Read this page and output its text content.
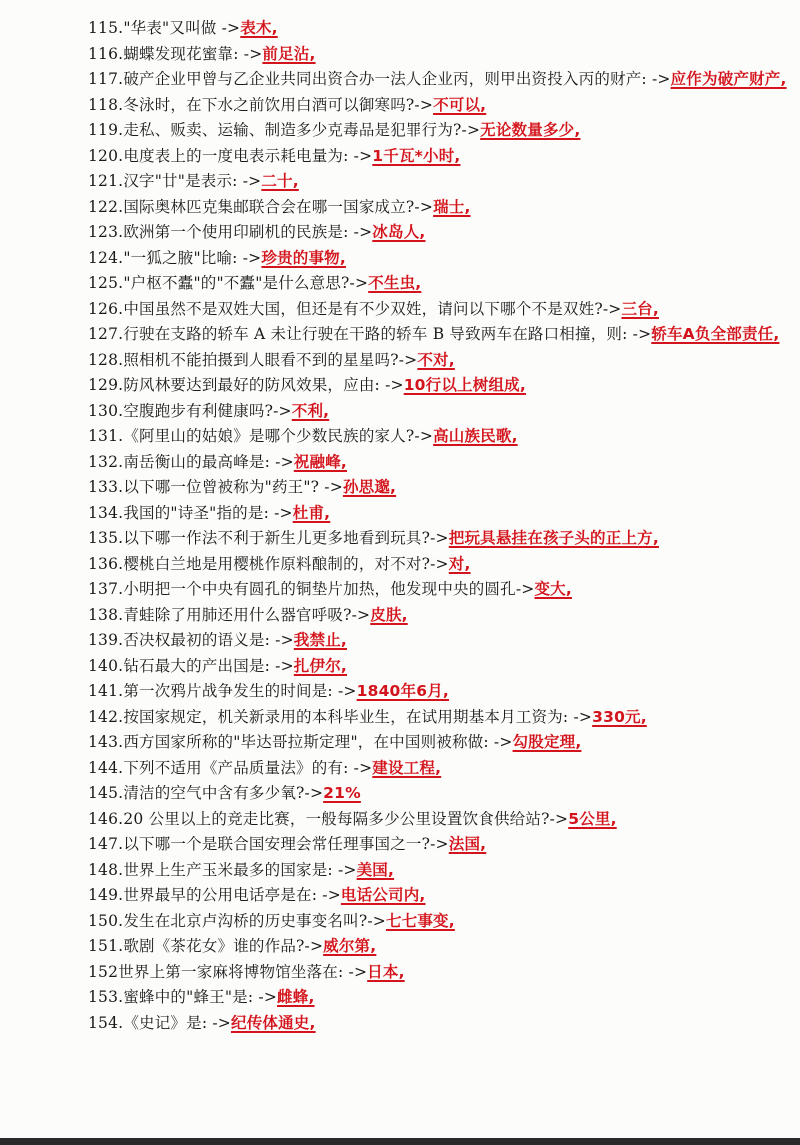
115."华表"又叫做 ->表木,
116.蝴蝶发现花蜜靠: ->前足沾,
117.破产企业甲曾与乙企业共同出资合办一法人企业丙，则甲出资投入丙的财产: ->应作为破产财产,
118.冬泳时，在下水之前饮用白酒可以御寒吗?->不可以,
119.走私、贩卖、运输、制造多少克毒品是犯罪行为?->无论数量多少,
120.电度表上的一度电表示耗电量为: ->1千瓦*小时,
121.汉字"廿"是表示: ->二十,
122.国际奥林匹克集邮联合会在哪一国家成立?->瑞士,
123.欧洲第一个使用印刷机的民族是: ->冰岛人,
124."一狐之腋"比喻: ->珍贵的事物,
125."户枢不蠹"的"不蠹"是什么意思?->不生虫,
126.中国虽然不是双姓大国，但还是有不少双姓，请问以下哪个不是双姓?->三台,
127.行驶在支路的轿车 A 未让行驶在干路的轿车 B 导致两车在路口相撞，则: ->轿车A负全部责任,
128.照相机不能拍摄到人眼看不到的星星吗?->不对,
129.防风林要达到最好的防风效果，应由: ->10行以上树组成,
130.空腹跑步有利健康吗?->不利,
131.《阿里山的姑娘》是哪个少数民族的家人?->高山族民歌,
132.南岳衡山的最高峰是: ->祝融峰,
133.以下哪一位曾被称为"药王"? ->孙思邈,
134.我国的"诗圣"指的是: ->杜甫,
135.以下哪一作法不利于新生儿更多地看到玩具?->把玩具悬挂在孩子头的正上方,
136.樱桃白兰地是用樱桃作原料酿制的，对不对?->对,
137.小明把一个中央有圆孔的铜垫片加热，他发现中央的圆孔->变大,
138.青蛙除了用肺还用什么器官呼吸?->皮肤,
139.否决权最初的语义是: ->我禁止,
140.钻石最大的产出国是: ->扎伊尔,
141.第一次鸦片战争发生的时间是: ->1840年6月,
142.按国家规定，机关新录用的本科毕业生，在试用期基本月工资为: ->330元,
143.西方国家所称的"毕达哥拉斯定理"，在中国则被称做: ->勾股定理,
144.下列不适用《产品质量法》的有: ->建设工程,
145.清洁的空气中含有多少氧?->21%
146.20 公里以上的竞走比赛，一般每隔多少公里设置饮食供给站?->5公里,
147.以下哪一个是联合国安理会常任理事国之一?->法国,
148.世界上生产玉米最多的国家是: ->美国,
149.世界最早的公用电话亭是在: ->电话公司内,
150.发生在北京卢沟桥的历史事变名叫?->七七事变,
151.歌剧《茶花女》谁的作品?->威尔第,
152世界上第一家麻将博物馆坐落在: ->日本,
153.蜜蜂中的"蜂王"是: ->雌蜂,
154.《史记》是: ->纪传体通史,
